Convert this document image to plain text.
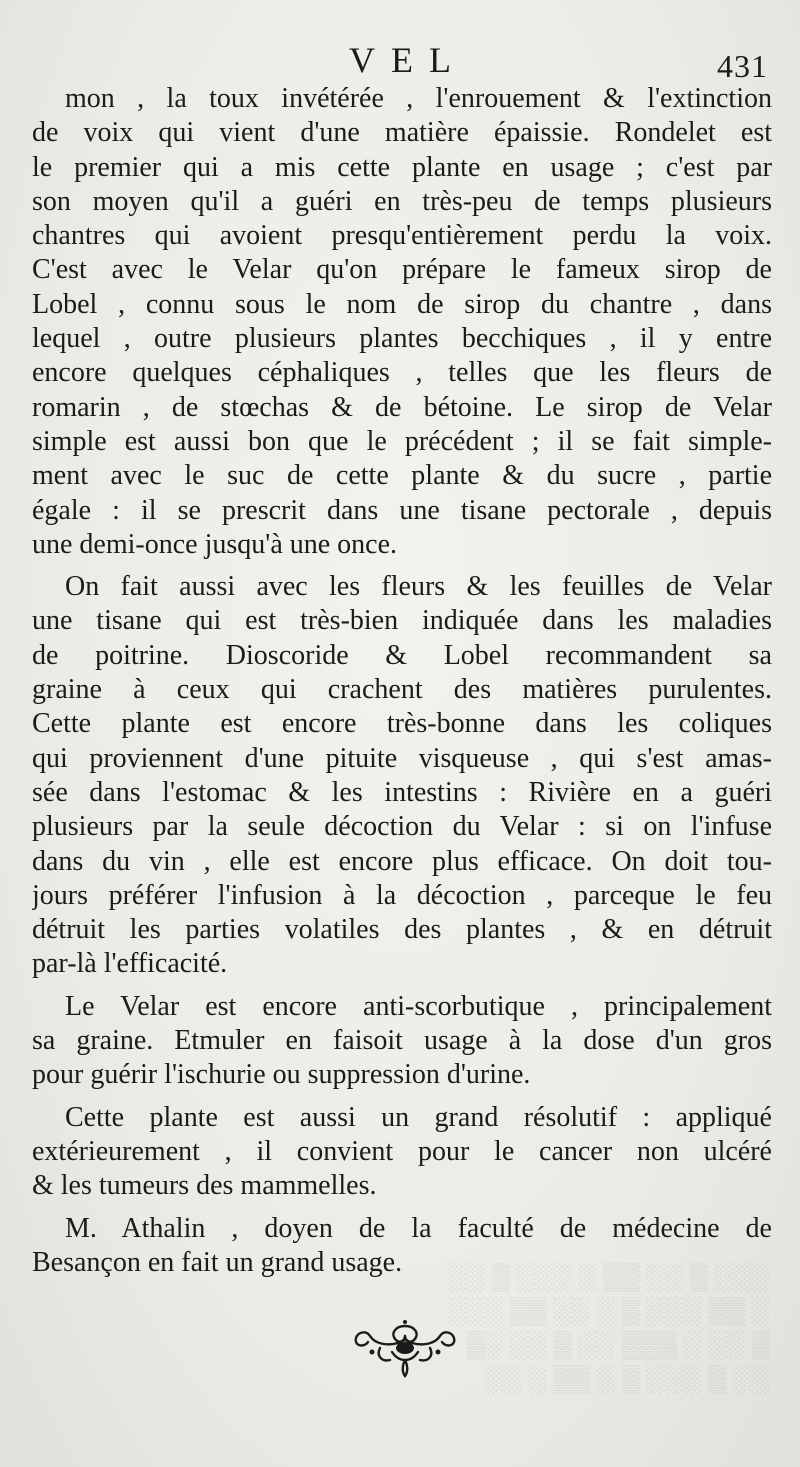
░░░ ▒ ░░ ▒▒ ░ ░░░ ▒ ░░
░ ▒▒ ░░░ ▒ ░ ░░ ▒▒ ░░░
▒ ░░ ░ ▒▒▒ ░░ ▒ ░░ ░▒
░░ ▒ ░░░ ▒ ░ ▒▒ ░ ░░
VEL	431
mon , la toux invétérée , l'enrouement & l'extinction
de voix qui vient d'une matière épaissie. Rondelet est
le premier qui a mis cette plante en usage ; c'est par
son moyen qu'il a guéri en très-peu de temps plusieurs
chantres qui avoient presqu'entièrement perdu la voix.
C'est avec le Velar qu'on prépare le fameux sirop de
Lobel , connu sous le nom de sirop du chantre , dans
lequel , outre plusieurs plantes becchiques , il y entre
encore quelques céphaliques , telles que les fleurs de
romarin , de stœchas & de bétoine. Le sirop de Velar
simple est aussi bon que le précédent ; il se fait simple-
ment avec le suc de cette plante & du sucre , partie
égale : il se prescrit dans une tisane pectorale , depuis
une demi-once jusqu'à une once.
On fait aussi avec les fleurs & les feuilles de Velar
une tisane qui est très-bien indiquée dans les maladies
de poitrine. Dioscoride & Lobel recommandent sa
graine à ceux qui crachent des matières purulentes.
Cette plante est encore très-bonne dans les coliques
qui proviennent d'une pituite visqueuse , qui s'est amas-
sée dans l'estomac & les intestins : Rivière en a guéri
plusieurs par la seule décoction du Velar : si on l'infuse
dans du vin , elle est encore plus efficace. On doit tou-
jours préférer l'infusion à la décoction , parceque le feu
détruit les parties volatiles des plantes , & en détruit
par-là l'efficacité.
Le Velar est encore anti-scorbutique , principalement
sa graine. Etmuler en faisoit usage à la dose d'un gros
pour guérir l'ischurie ou suppression d'urine.
Cette plante est aussi un grand résolutif : appliqué
extérieurement , il convient pour le cancer non ulcéré
& les tumeurs des mammelles.
M. Athalin , doyen de la faculté de médecine de
Besançon en fait un grand usage.
